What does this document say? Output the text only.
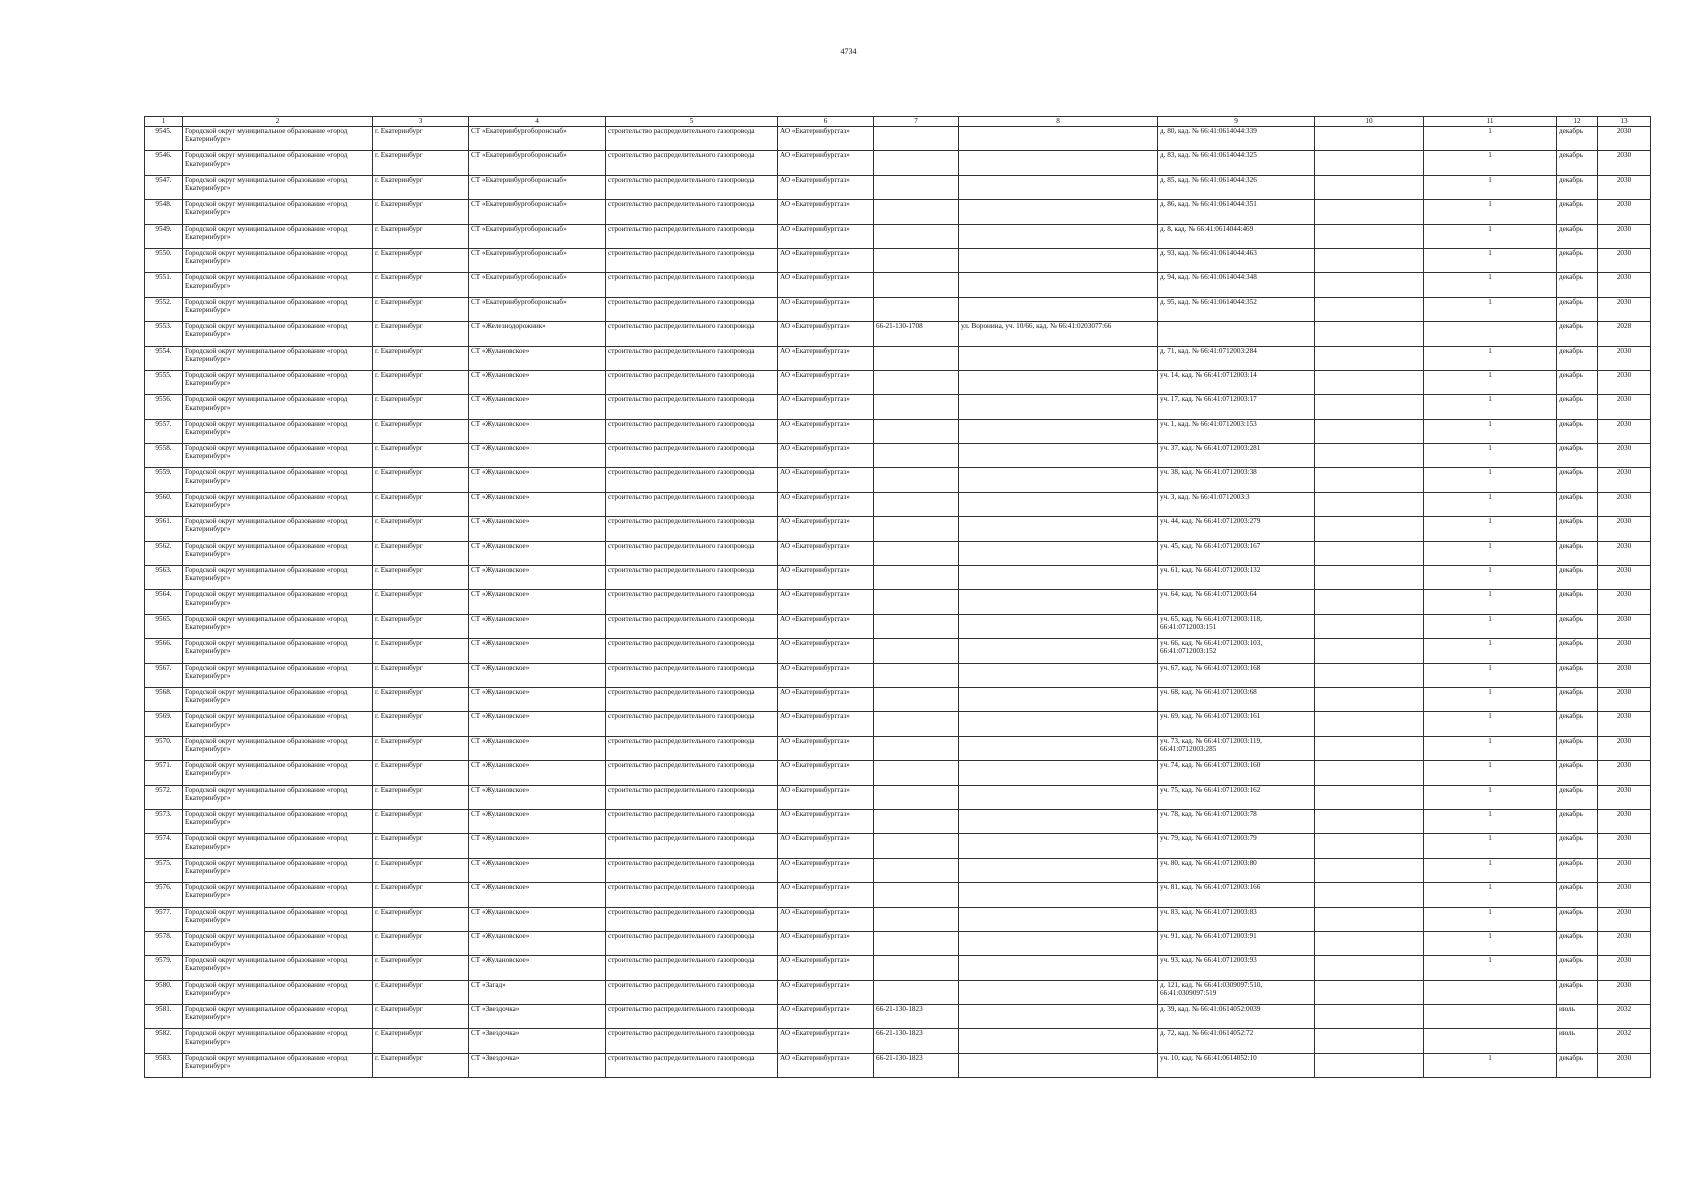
4734
1	2	3	4	5	6	7	8	9	10	11	12	13
9545.	Городской округ муниципальное образование «город Екатеринбург»	г. Екатеринбург	СТ «Екатеринбургоборонснаб»	строительство распределительного газопровода	АО «Екатеринбурггаз»			д. 80, кад. № 66:41:0614044:339		1	декабрь	2030
9546.	Городской округ муниципальное образование «город Екатеринбург»	г. Екатеринбург	СТ «Екатеринбургоборонснаб»	строительство распределительного газопровода	АО «Екатеринбурггаз»			д. 83, кад. № 66:41:0614044:325		1	декабрь	2030
9547.	Городской округ муниципальное образование «город Екатеринбург»	г. Екатеринбург	СТ «Екатеринбургоборонснаб»	строительство распределительного газопровода	АО «Екатеринбурггаз»			д. 85, кад. № 66:41:0614044:326		1	декабрь	2030
9548.	Городской округ муниципальное образование «город Екатеринбург»	г. Екатеринбург	СТ «Екатеринбургоборонснаб»	строительство распределительного газопровода	АО «Екатеринбурггаз»			д. 86, кад. № 66:41:0614044:351		1	декабрь	2030
9549.	Городской округ муниципальное образование «город Екатеринбург»	г. Екатеринбург	СТ «Екатеринбургоборонснаб»	строительство распределительного газопровода	АО «Екатеринбурггаз»			д. 8, кад. № 66:41:0614044:469		1	декабрь	2030
9550.	Городской округ муниципальное образование «город Екатеринбург»	г. Екатеринбург	СТ «Екатеринбургоборонснаб»	строительство распределительного газопровода	АО «Екатеринбурггаз»			д. 93, кад. № 66:41:0614044:463		1	декабрь	2030
9551.	Городской округ муниципальное образование «город Екатеринбург»	г. Екатеринбург	СТ «Екатеринбургоборонснаб»	строительство распределительного газопровода	АО «Екатеринбурггаз»			д. 94, кад. № 66:41:0614044:348		1	декабрь	2030
9552.	Городской округ муниципальное образование «город Екатеринбург»	г. Екатеринбург	СТ «Екатеринбургоборонснаб»	строительство распределительного газопровода	АО «Екатеринбурггаз»			д. 95, кад. № 66:41:0614044:352		1	декабрь	2030
9553.	Городской округ муниципальное образование «город Екатеринбург»	г. Екатеринбург	СТ «Железнодорожник»	строительство распределительного газопровода	АО «Екатеринбурггаз»	66-21-130-1708	ул. Воронина, уч. 10/66, кад. № 66:41:0203077:66				декабрь	2028
9554.	Городской округ муниципальное образование «город Екатеринбург»	г. Екатеринбург	СТ «Жулановское»	строительство распределительного газопровода	АО «Екатеринбурггаз»			д. 71, кад. № 66:41:0712003:284		1	декабрь	2030
9555.	Городской округ муниципальное образование «город Екатеринбург»	г. Екатеринбург	СТ «Жулановское»	строительство распределительного газопровода	АО «Екатеринбурггаз»			уч. 14, кад. № 66:41:0712003:14		1	декабрь	2030
9556.	Городской округ муниципальное образование «город Екатеринбург»	г. Екатеринбург	СТ «Жулановское»	строительство распределительного газопровода	АО «Екатеринбурггаз»			уч. 17, кад. № 66:41:0712003:17		1	декабрь	2030
9557.	Городской округ муниципальное образование «город Екатеринбург»	г. Екатеринбург	СТ «Жулановское»	строительство распределительного газопровода	АО «Екатеринбурггаз»			уч. 1, кад. № 66:41:0712003:153		1	декабрь	2030
9558.	Городской округ муниципальное образование «город Екатеринбург»	г. Екатеринбург	СТ «Жулановское»	строительство распределительного газопровода	АО «Екатеринбурггаз»			уч. 37, кад. № 66:41:0712003:281		1	декабрь	2030
9559.	Городской округ муниципальное образование «город Екатеринбург»	г. Екатеринбург	СТ «Жулановское»	строительство распределительного газопровода	АО «Екатеринбурггаз»			уч. 38, кад. № 66:41:0712003:38		1	декабрь	2030
9560.	Городской округ муниципальное образование «город Екатеринбург»	г. Екатеринбург	СТ «Жулановское»	строительство распределительного газопровода	АО «Екатеринбурггаз»			уч. 3, кад. № 66:41:0712003:3		1	декабрь	2030
9561.	Городской округ муниципальное образование «город Екатеринбург»	г. Екатеринбург	СТ «Жулановское»	строительство распределительного газопровода	АО «Екатеринбурггаз»			уч. 44, кад. № 66:41:0712003:279		1	декабрь	2030
9562.	Городской округ муниципальное образование «город Екатеринбург»	г. Екатеринбург	СТ «Жулановское»	строительство распределительного газопровода	АО «Екатеринбурггаз»			уч. 45, кад. № 66:41:0712003:167		1	декабрь	2030
9563.	Городской округ муниципальное образование «город Екатеринбург»	г. Екатеринбург	СТ «Жулановское»	строительство распределительного газопровода	АО «Екатеринбурггаз»			уч. 61, кад. № 66:41:0712003:132		1	декабрь	2030
9564.	Городской округ муниципальное образование «город Екатеринбург»	г. Екатеринбург	СТ «Жулановское»	строительство распределительного газопровода	АО «Екатеринбурггаз»			уч. 64, кад. № 66:41:0712003:64		1	декабрь	2030
9565.	Городской округ муниципальное образование «город Екатеринбург»	г. Екатеринбург	СТ «Жулановское»	строительство распределительного газопровода	АО «Екатеринбурггаз»			уч. 65, кад. № 66:41:0712003:118, 66:41:0712003:151		1	декабрь	2030
9566.	Городской округ муниципальное образование «город Екатеринбург»	г. Екатеринбург	СТ «Жулановское»	строительство распределительного газопровода	АО «Екатеринбурггаз»			уч. 66, кад. № 66:41:0712003:103, 66:41:0712003:152		1	декабрь	2030
9567.	Городской округ муниципальное образование «город Екатеринбург»	г. Екатеринбург	СТ «Жулановское»	строительство распределительного газопровода	АО «Екатеринбурггаз»			уч. 67, кад. № 66:41:0712003:168		1	декабрь	2030
9568.	Городской округ муниципальное образование «город Екатеринбург»	г. Екатеринбург	СТ «Жулановское»	строительство распределительного газопровода	АО «Екатеринбурггаз»			уч. 68, кад. № 66:41:0712003:68		1	декабрь	2030
9569.	Городской округ муниципальное образование «город Екатеринбург»	г. Екатеринбург	СТ «Жулановское»	строительство распределительного газопровода	АО «Екатеринбурггаз»			уч. 69, кад. № 66:41:0712003:161		1	декабрь	2030
9570.	Городской округ муниципальное образование «город Екатеринбург»	г. Екатеринбург	СТ «Жулановское»	строительство распределительного газопровода	АО «Екатеринбурггаз»			уч. 73, кад. № 66:41:0712003:119, 66:41:0712003:285		1	декабрь	2030
9571.	Городской округ муниципальное образование «город Екатеринбург»	г. Екатеринбург	СТ «Жулановское»	строительство распределительного газопровода	АО «Екатеринбурггаз»			уч. 74, кад. № 66:41:0712003:160		1	декабрь	2030
9572.	Городской округ муниципальное образование «город Екатеринбург»	г. Екатеринбург	СТ «Жулановское»	строительство распределительного газопровода	АО «Екатеринбурггаз»			уч. 75, кад. № 66:41:0712003:162		1	декабрь	2030
9573.	Городской округ муниципальное образование «город Екатеринбург»	г. Екатеринбург	СТ «Жулановское»	строительство распределительного газопровода	АО «Екатеринбурггаз»			уч. 78, кад. № 66:41:0712003:78		1	декабрь	2030
9574.	Городской округ муниципальное образование «город Екатеринбург»	г. Екатеринбург	СТ «Жулановское»	строительство распределительного газопровода	АО «Екатеринбурггаз»			уч. 79, кад. № 66:41:0712003:79		1	декабрь	2030
9575.	Городской округ муниципальное образование «город Екатеринбург»	г. Екатеринбург	СТ «Жулановское»	строительство распределительного газопровода	АО «Екатеринбурггаз»			уч. 80, кад. № 66:41:0712003:80		1	декабрь	2030
9576.	Городской округ муниципальное образование «город Екатеринбург»	г. Екатеринбург	СТ «Жулановское»	строительство распределительного газопровода	АО «Екатеринбурггаз»			уч. 81, кад. № 66:41:0712003:166		1	декабрь	2030
9577.	Городской округ муниципальное образование «город Екатеринбург»	г. Екатеринбург	СТ «Жулановское»	строительство распределительного газопровода	АО «Екатеринбурггаз»			уч. 83, кад. № 66:41:0712003:83		1	декабрь	2030
9578.	Городской округ муниципальное образование «город Екатеринбург»	г. Екатеринбург	СТ «Жулановское»	строительство распределительного газопровода	АО «Екатеринбурггаз»			уч. 91, кад. № 66:41:0712003:91		1	декабрь	2030
9579.	Городской округ муниципальное образование «город Екатеринбург»	г. Екатеринбург	СТ «Жулановское»	строительство распределительного газопровода	АО «Екатеринбурггаз»			уч. 93, кад. № 66:41:0712003:93		1	декабрь	2030
9580.	Городской округ муниципальное образование «город Екатеринбург»	г. Екатеринбург	СТ «Загад»	строительство распределительного газопровода	АО «Екатеринбурггаз»			д. 121, кад. № 66:41:0309097:510, 66:41:0309097:519			декабрь	2030
9581.	Городской округ муниципальное образование «город Екатеринбург»	г. Екатеринбург	СТ «Звездочка»	строительство распределительного газопровода	АО «Екатеринбурггаз»	66-21-130-1823		д. 39, кад. № 66:41:0614052:0039			июль	2032
9582.	Городской округ муниципальное образование «город Екатеринбург»	г. Екатеринбург	СТ «Звездочка»	строительство распределительного газопровода	АО «Екатеринбурггаз»	66-21-130-1823		д. 72, кад. № 66:41:0614052:72			июль	2032
9583.	Городской округ муниципальное образование «город Екатеринбург»	г. Екатеринбург	СТ «Звездочка»	строительство распределительного газопровода	АО «Екатеринбурггаз»	66-21-130-1823		уч. 10, кад. № 66:41:0614052:10		1	декабрь	2030
